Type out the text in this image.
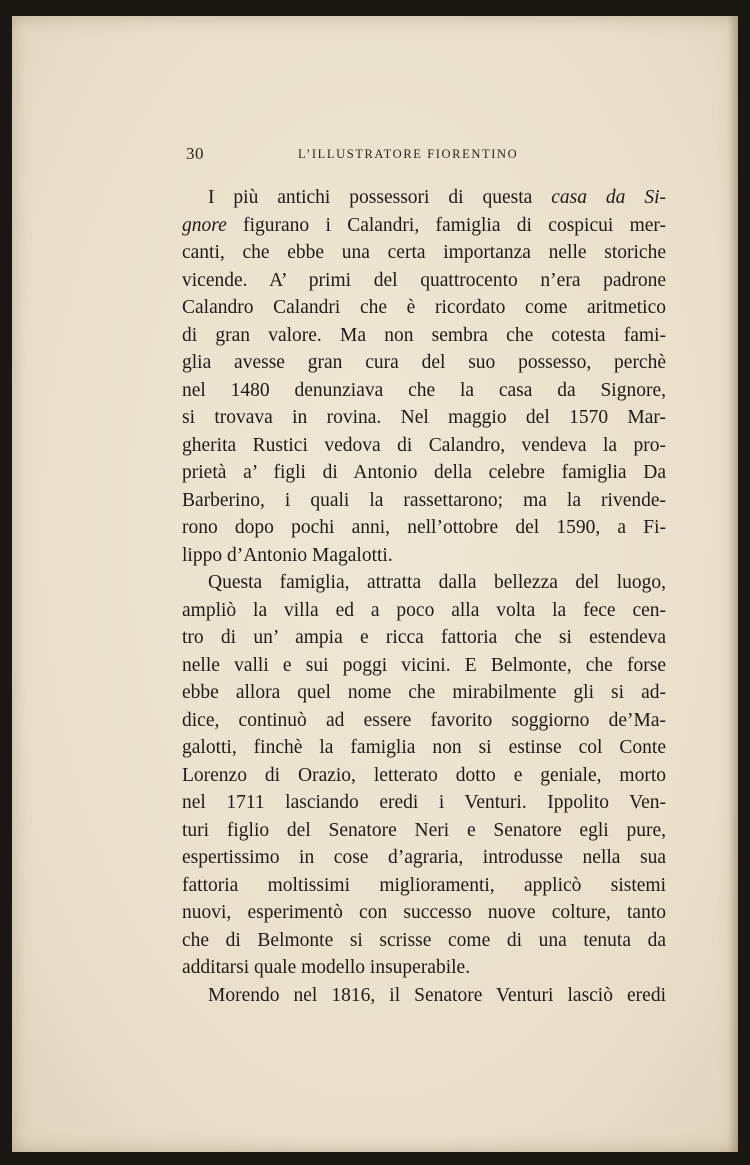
30	L’ILLUSTRATORE FIORENTINO
I più antichi possessori di questa casa da Si-
gnore figurano i Calandri, famiglia di cospicui mer-
canti, che ebbe una certa importanza nelle storiche
vicende. A’ primi del quattrocento n’era padrone
Calandro Calandri che è ricordato come aritmetico
di gran valore. Ma non sembra che cotesta fami-
glia avesse gran cura del suo possesso, perchè
nel 1480 denunziava che la casa da Signore,
si trovava in rovina. Nel maggio del 1570 Mar-
gherita Rustici vedova di Calandro, vendeva la pro-
prietà a’ figli di Antonio della celebre famiglia Da
Barberino, i quali la rassettarono; ma la rivende-
rono dopo pochi anni, nell’ottobre del 1590, a Fi-
lippo d’Antonio Magalotti.
Questa famiglia, attratta dalla bellezza del luogo,
ampliò la villa ed a poco alla volta la fece cen-
tro di un’ ampia e ricca fattoria che si estendeva
nelle valli e sui poggi vicini. E Belmonte, che forse
ebbe allora quel nome che mirabilmente gli si ad-
dice, continuò ad essere favorito soggiorno de’Ma-
galotti, finchè la famiglia non si estinse col Conte
Lorenzo di Orazio, letterato dotto e geniale, morto
nel 1711 lasciando eredi i Venturi. Ippolito Ven-
turi figlio del Senatore Neri e Senatore egli pure,
espertissimo in cose d’agraria, introdusse nella sua
fattoria moltissimi miglioramenti, applicò sistemi
nuovi, esperimentò con successo nuove colture, tanto
che di Belmonte si scrisse come di una tenuta da
additarsi quale modello insuperabile.
Morendo nel 1816, il Senatore Venturi lasciò eredi
